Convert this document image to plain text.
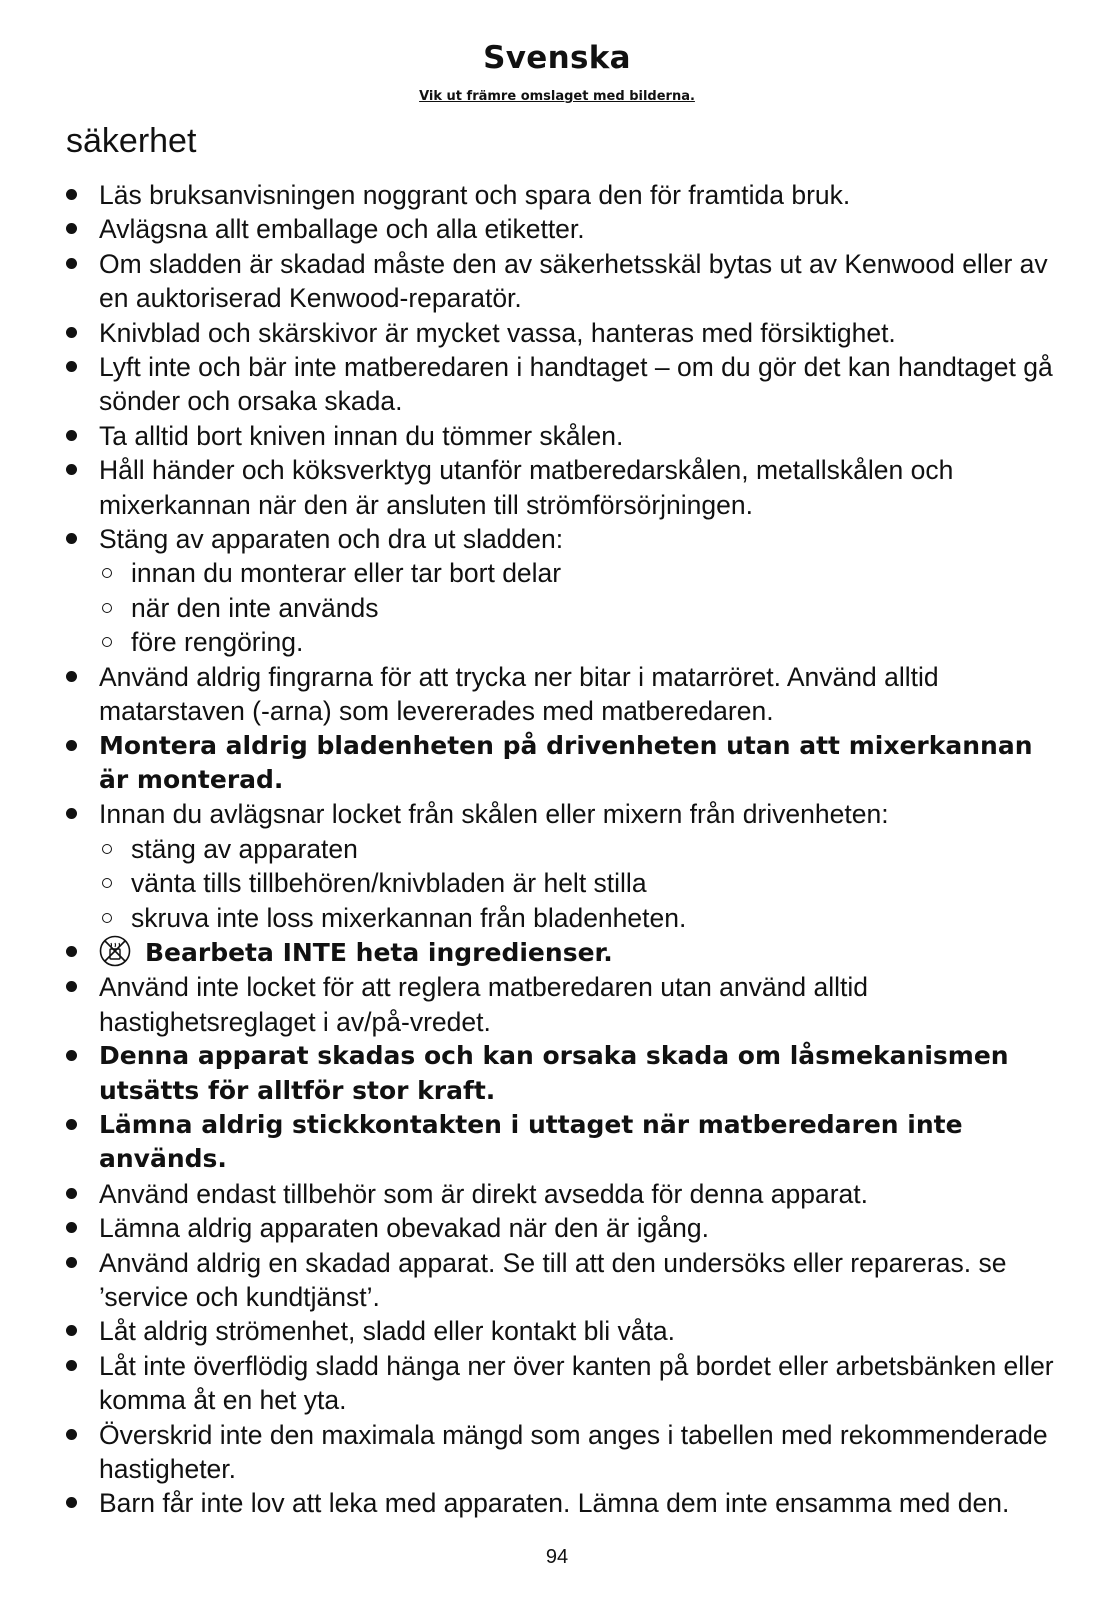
Svenska
Vik ut främre omslaget med bilderna.
säkerhet
Läs bruksanvisningen noggrant och spara den för framtida bruk.
Avlägsna allt emballage och alla etiketter.
Om sladden är skadad måste den av säkerhetsskäl bytas ut av Kenwood eller av en auktoriserad Kenwood-reparatör.
Knivblad och skärskivor är mycket vassa, hanteras med försiktighet.
Lyft inte och bär inte matberedaren i handtaget – om du gör det kan handtaget gå sönder och orsaka skada.
Ta alltid bort kniven innan du tömmer skålen.
Håll händer och köksverktyg utanför matberedarskålen, metallskålen och mixerkannan när den är ansluten till strömförsörjningen.
Stäng av apparaten och dra ut sladden:
innan du monterar eller tar bort delar
när den inte används
före rengöring.
Använd aldrig fingrarna för att trycka ner bitar i matarröret. Använd alltid matarstaven (-arna) som levererades med matberedaren.
Montera aldrig bladenheten på drivenheten utan att mixerkannan är monterad.
Innan du avlägsnar locket från skålen eller mixern från drivenheten:
stäng av apparaten
vänta tills tillbehören/knivbladen är helt stilla
skruva inte loss mixerkannan från bladenheten.
Bearbeta INTE heta ingredienser.
Använd inte locket för att reglera matberedaren utan använd alltid hastighetsreglaget i av/på-vredet.
Denna apparat skadas och kan orsaka skada om låsmekanismen utsätts för alltför stor kraft.
Lämna aldrig stickkontakten i uttaget när matberedaren inte används.
Använd endast tillbehör som är direkt avsedda för denna apparat.
Lämna aldrig apparaten obevakad när den är igång.
Använd aldrig en skadad apparat. Se till att den undersöks eller repareras. se ’service och kundtjänst’.
Låt aldrig strömenhet, sladd eller kontakt bli våta.
Låt inte överflödig sladd hänga ner över kanten på bordet eller arbetsbänken eller komma åt en het yta.
Överskrid inte den maximala mängd som anges i tabellen med rekommenderade hastigheter.
Barn får inte lov att leka med apparaten. Lämna dem inte ensamma med den.
94
